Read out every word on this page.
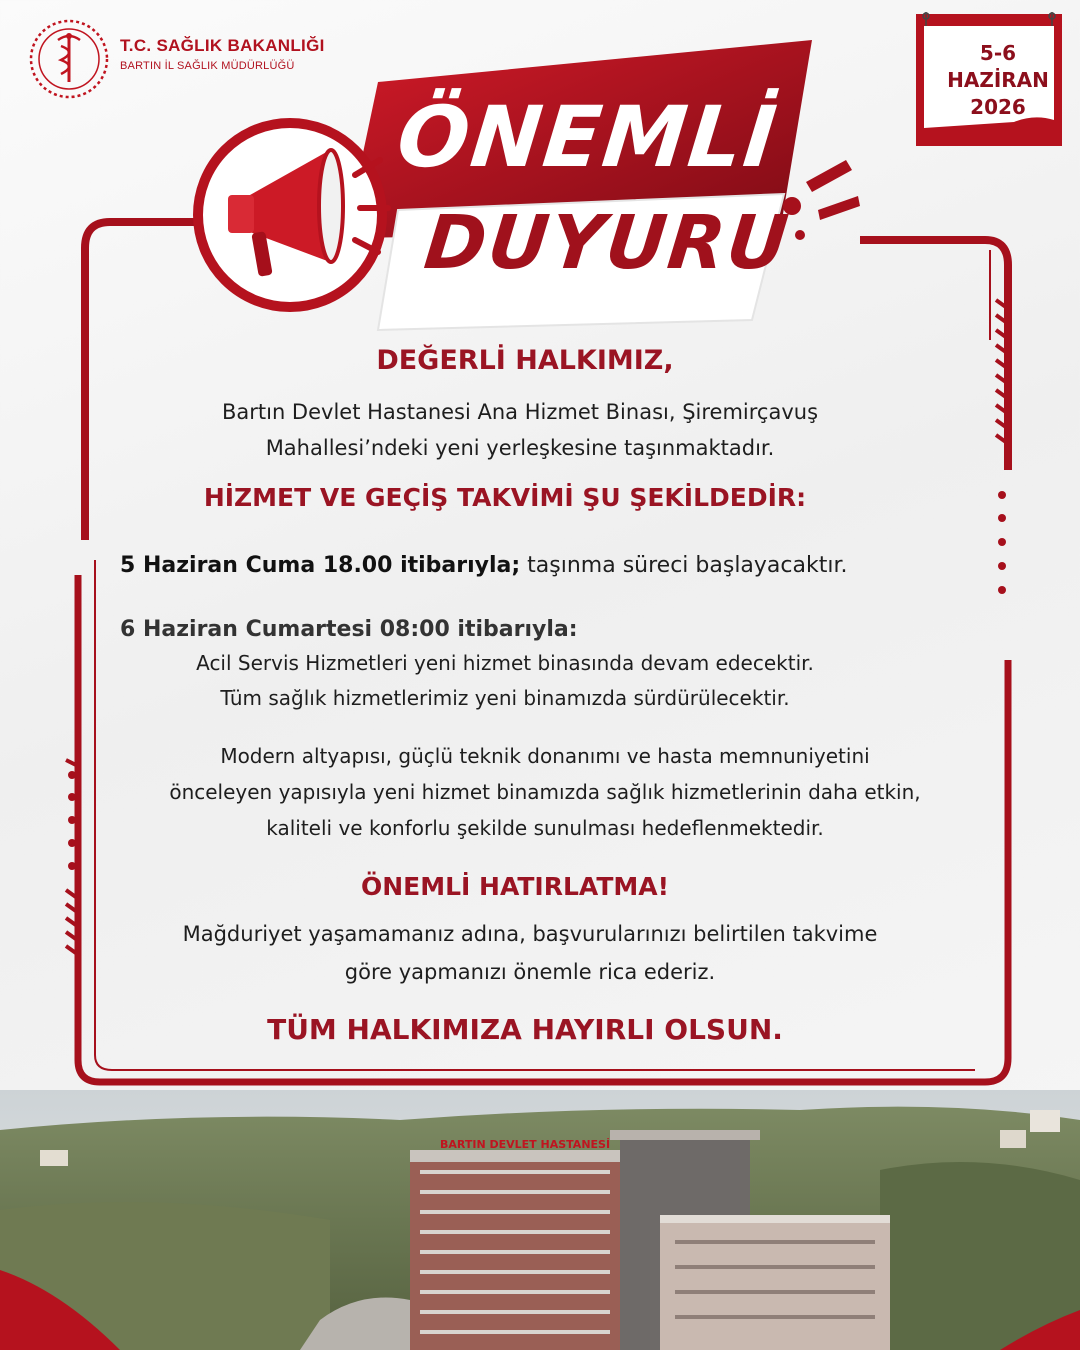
T.C. SAĞLIK BAKANLIĞI
BARTIN İL SAĞLIK MÜDÜRLÜĞÜ
5-6
HAZİRAN
2026
ÖNEMLİ
DUYURU
DEĞERLİ HALKIMIZ,
Bartın Devlet Hastanesi Ana Hizmet Binası, Şiremirçavuş
Mahallesi’ndeki yeni yerleşkesine taşınmaktadır.
HİZMET VE GEÇİŞ TAKVİMİ ŞU ŞEKİLDEDİR:
5 Haziran Cuma 18.00 itibarıyla; taşınma süreci başlayacaktır.
6 Haziran Cumartesi 08:00 itibarıyla:
Acil Servis Hizmetleri yeni hizmet binasında devam edecektir.
Tüm sağlık hizmetlerimiz yeni binamızda sürdürülecektir.
Modern altyapısı, güçlü teknik donanımı ve hasta memnuniyetini
önceleyen yapısıyla yeni hizmet binamızda sağlık hizmetlerinin daha etkin,
kaliteli ve konforlu şekilde sunulması hedeflenmektedir.
ÖNEMLİ HATIRLATMA!
Mağduriyet yaşamamanız adına, başvurularınızı belirtilen takvime
göre yapmanızı önemle rica ederiz.
TÜM HALKIMIZA HAYIRLI OLSUN.
BARTIN DEVLET HASTANESİ
